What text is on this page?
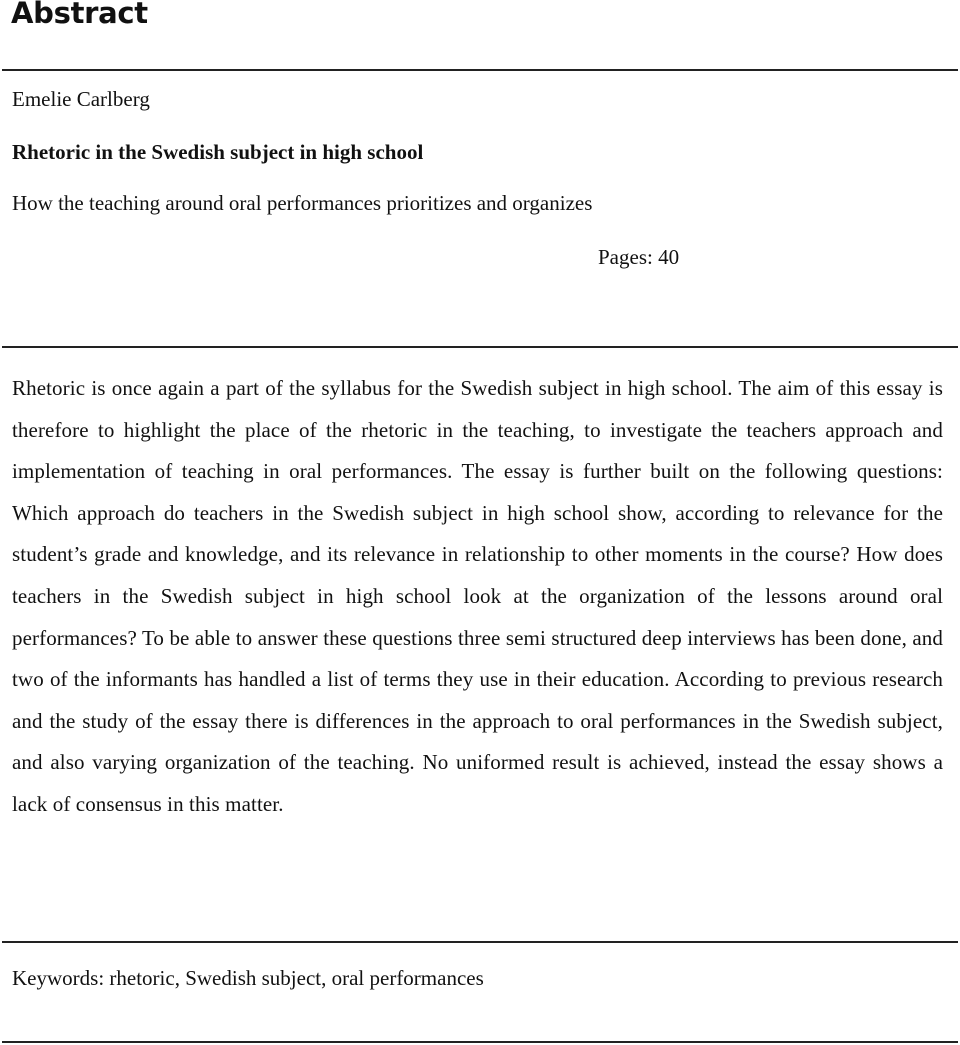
Abstract
Emelie Carlberg
Rhetoric in the Swedish subject in high school
How the teaching around oral performances prioritizes and organizes
Pages: 40

Rhetoric is once again a part of the syllabus for the Swedish subject in high school. The aim of this essay is therefore to highlight the place of the rhetoric in the teaching, to investigate the teachers approach and implementation of teaching in oral performances. The essay is further built on the following questions: Which approach do teachers in the Swedish subject in high school show, according to relevance for the student’s grade and knowledge, and its relevance in relationship to other moments in the course? How does teachers in the Swedish subject in high school look at the organization of the lessons around oral performances? To be able to answer these questions three semi structured deep interviews has been done, and two of the informants has handled a list of terms they use in their education. According to previous research and the study of the essay there is differences in the approach to oral performances in the Swedish subject, and also varying organization of the teaching. No uniformed result is achieved, instead the essay shows a lack of consensus in this matter.

Keywords: rhetoric, Swedish subject, oral performances
